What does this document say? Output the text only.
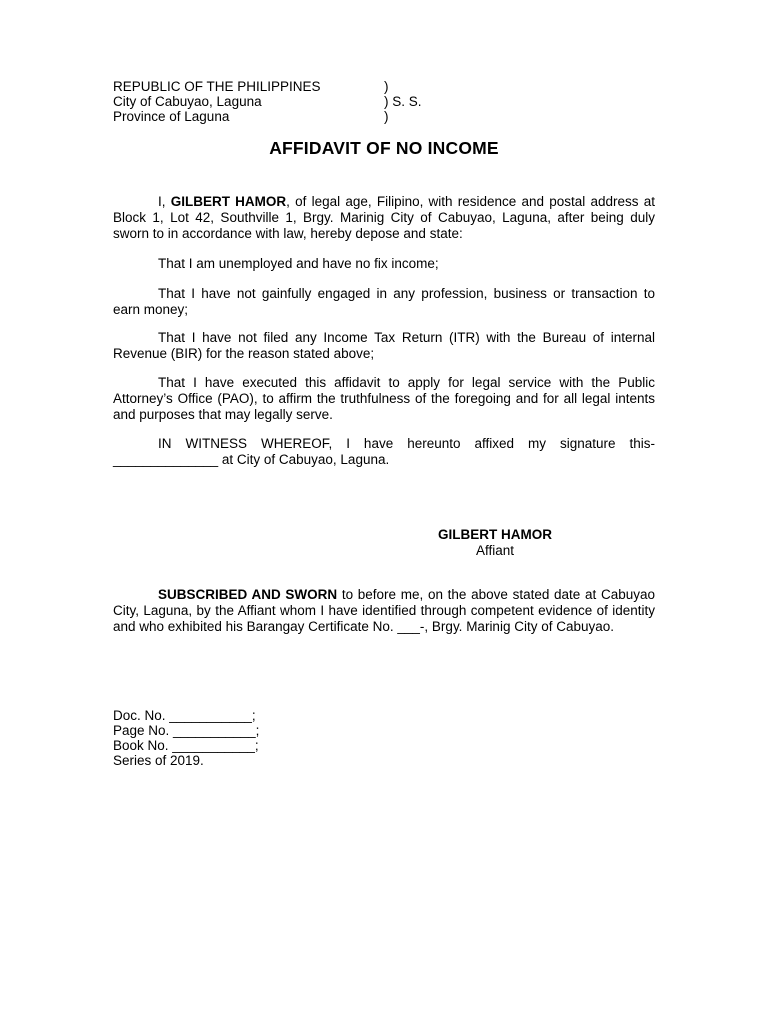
REPUBLIC OF THE PHILIPPINES	)
City of Cabuyao, Laguna	) S. S.
Province of Laguna	)
AFFIDAVIT OF NO INCOME
I, GILBERT HAMOR, of legal age, Filipino, with residence and postal address at Block 1, Lot 42, Southville 1, Brgy. Marinig City of Cabuyao, Laguna, after being duly sworn to in accordance with law, hereby depose and state:
That I am unemployed and have no fix income;
That I have not gainfully engaged in any profession, business or transaction to earn money;
That I have not filed any Income Tax Return (ITR) with the Bureau of internal Revenue (BIR) for the reason stated above;
That I have executed this affidavit to apply for legal service with the Public Attorney’s Office (PAO), to affirm the truthfulness of the foregoing and for all legal intents and purposes that may legally serve.
IN WITNESS WHEREOF, I have hereunto affixed my signature this-______________ at City of Cabuyao, Laguna.
GILBERT HAMOR
Affiant
SUBSCRIBED AND SWORN to before me, on the above stated date at Cabuyao City, Laguna, by the Affiant whom I have identified through competent evidence of identity and who exhibited his Barangay Certificate No. ___-, Brgy. Marinig City of Cabuyao.
Doc. No. ___________;
Page No. ___________;
Book No. ___________;
Series of 2019.
